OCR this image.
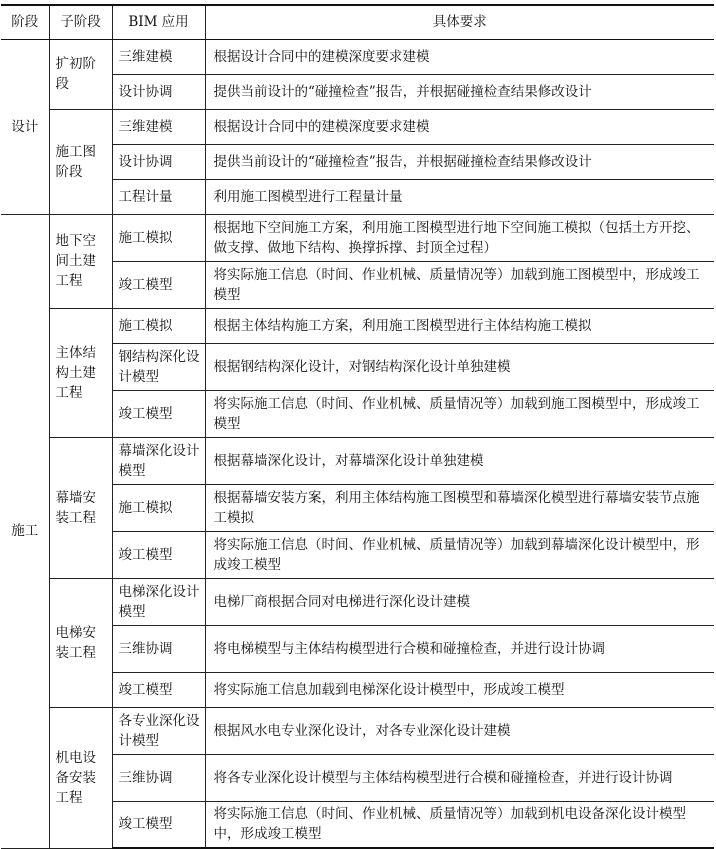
阶段	子阶段	BIM 应用	具体要求
设计	扩初阶段	三维建模	根据设计合同中的建模深度要求建模
		设计协调	提供当前设计的“碰撞检查”报告，并根据碰撞检查结果修改设计
	施工图阶段	三维建模	根据设计合同中的建模深度要求建模
		设计协调	提供当前设计的“碰撞检查”报告，并根据碰撞检查结果修改设计
		工程计量	利用施工图模型进行工程量计量
施工	地下空间土建工程	施工模拟	根据地下空间施工方案，利用施工图模型进行地下空间施工模拟（包括土方开挖、做支撑、做地下结构、换撑拆撑、封顶全过程）
		竣工模型	将实际施工信息（时间、作业机械、质量情况等）加载到施工图模型中，形成竣工模型
	主体结构土建工程	施工模拟	根据主体结构施工方案，利用施工图模型进行主体结构施工模拟
		钢结构深化设计模型	根据钢结构深化设计，对钢结构深化设计单独建模
		竣工模型	将实际施工信息（时间、作业机械、质量情况等）加载到施工图模型中，形成竣工模型
	幕墙安装工程	幕墙深化设计模型	根据幕墙深化设计，对幕墙深化设计单独建模
		施工模拟	根据幕墙安装方案，利用主体结构施工图模型和幕墙深化模型进行幕墙安装节点施工模拟
		竣工模型	将实际施工信息（时间、作业机械、质量情况等）加载到幕墙深化设计模型中，形成竣工模型
	电梯安装工程	电梯深化设计模型	电梯厂商根据合同对电梯进行深化设计建模
		三维协调	将电梯模型与主体结构模型进行合模和碰撞检查，并进行设计协调
		竣工模型	将实际施工信息加载到电梯深化设计模型中，形成竣工模型
	机电设备安装工程	各专业深化设计模型	根据风水电专业深化设计，对各专业深化设计建模
		三维协调	将各专业深化设计模型与主体结构模型进行合模和碰撞检查，并进行设计协调
		竣工模型	将实际施工信息（时间、作业机械、质量情况等）加载到机电设备深化设计模型中，形成竣工模型
